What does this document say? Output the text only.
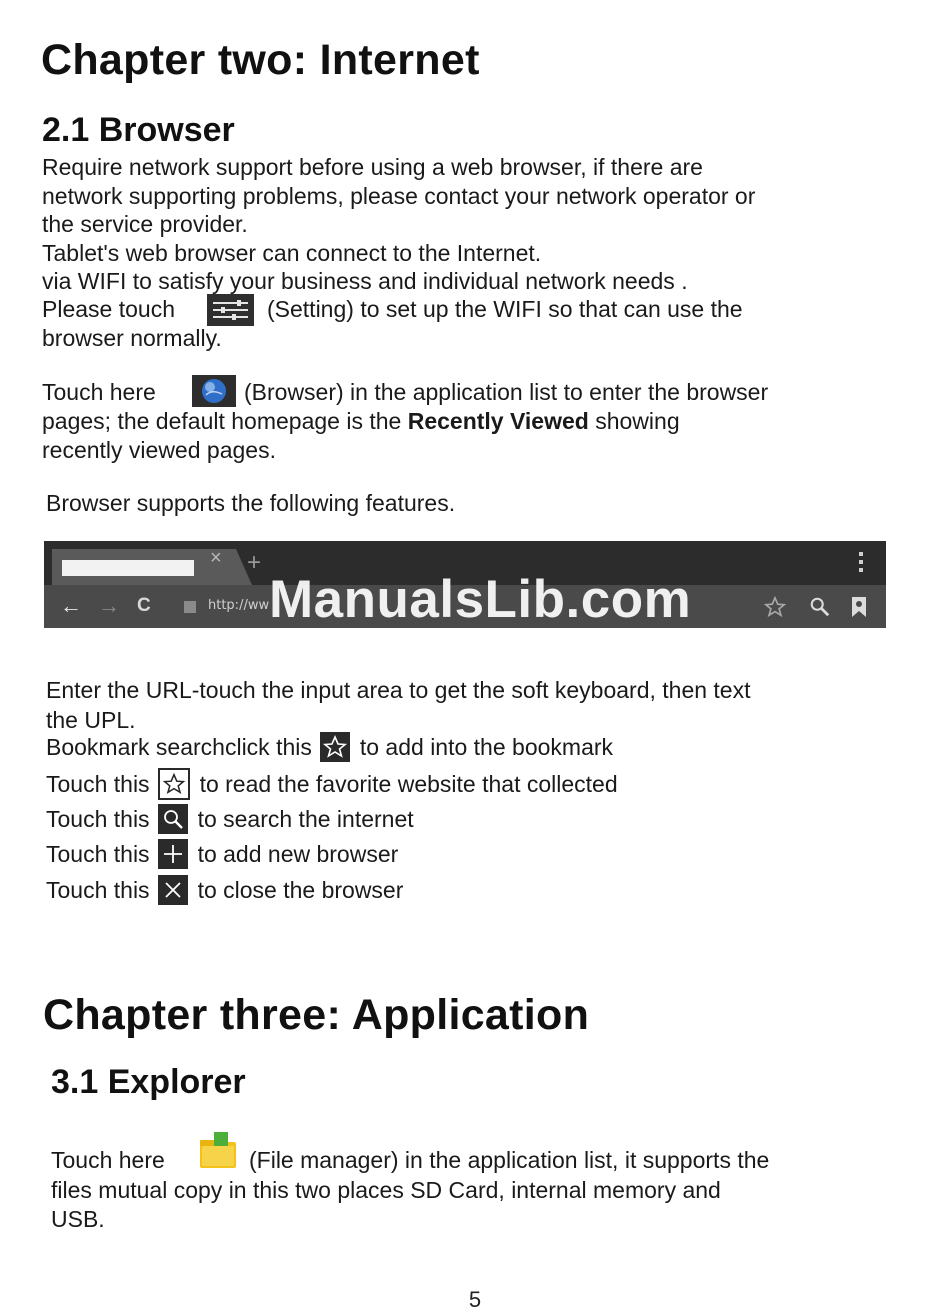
Chapter two: Internet
2.1 Browser
Require network support before using a web browser, if there are
network supporting problems, please contact your network operator or
the service provider.
Tablet's web browser can connect to the Internet.
via WIFI to satisfy your business and individual network needs .
Please touch	(Setting) to set up the WIFI so that can use the
browser normally.
Touch here	(Browser) in the application list to enter the browser
pages; the default homepage is the Recently Viewed showing
recently viewed pages.
Browser supports the following features.
× +
← → C	http://ww ManualsLib.com
Enter the URL-touch the input area to get the soft keyboard, then text
the UPL.
Bookmark searchclick this to add into the bookmark
Touch this to read the favorite website that collected
Touch this to search the internet
Touch this to add new browser
Touch this to close the browser
Chapter three: Application
3.1 Explorer
Touch here	(File manager) in the application list, it supports the
files mutual copy in this two places SD Card, internal memory and
USB.
5
